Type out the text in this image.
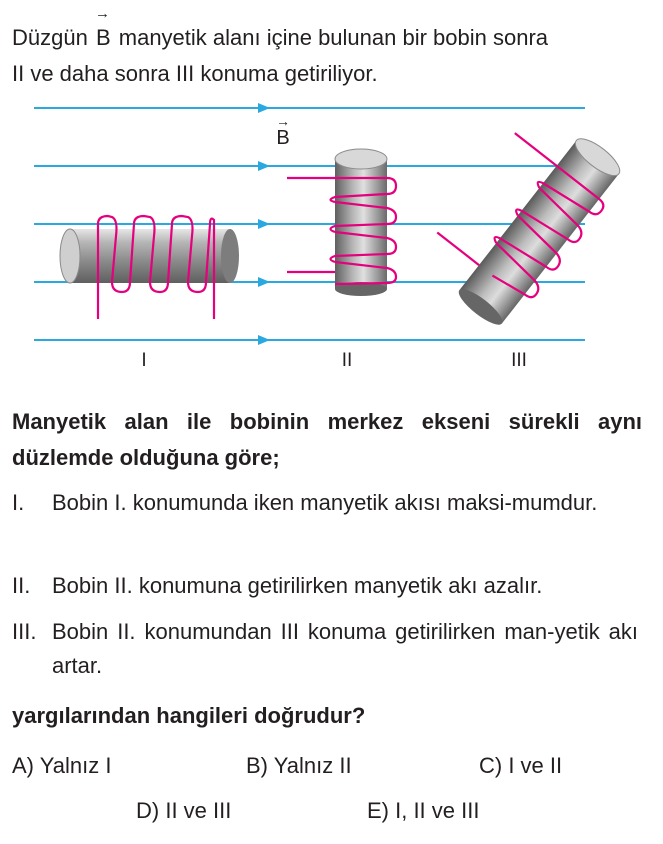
Düzgün
→
B manyetik alanı içine bulunan bir bobin sonra
II ve daha sonra III konuma getiriliyor.
B
→
I	II	III
Manyetik alan ile bobinin merkez ekseni sürekli aynı düzlemde olduğuna göre;
I. Bobin I. konumunda iken manyetik akısı maksi-mumdur.
II. Bobin II. konumuna getirilirken manyetik akı azalır.
III. Bobin II. konumundan III konuma getirilirken man-yetik akı artar.
yargılarından hangileri doğrudur?
A) Yalnız I	B) Yalnız II	C) I ve II
D) II ve III	E) I, II ve III
